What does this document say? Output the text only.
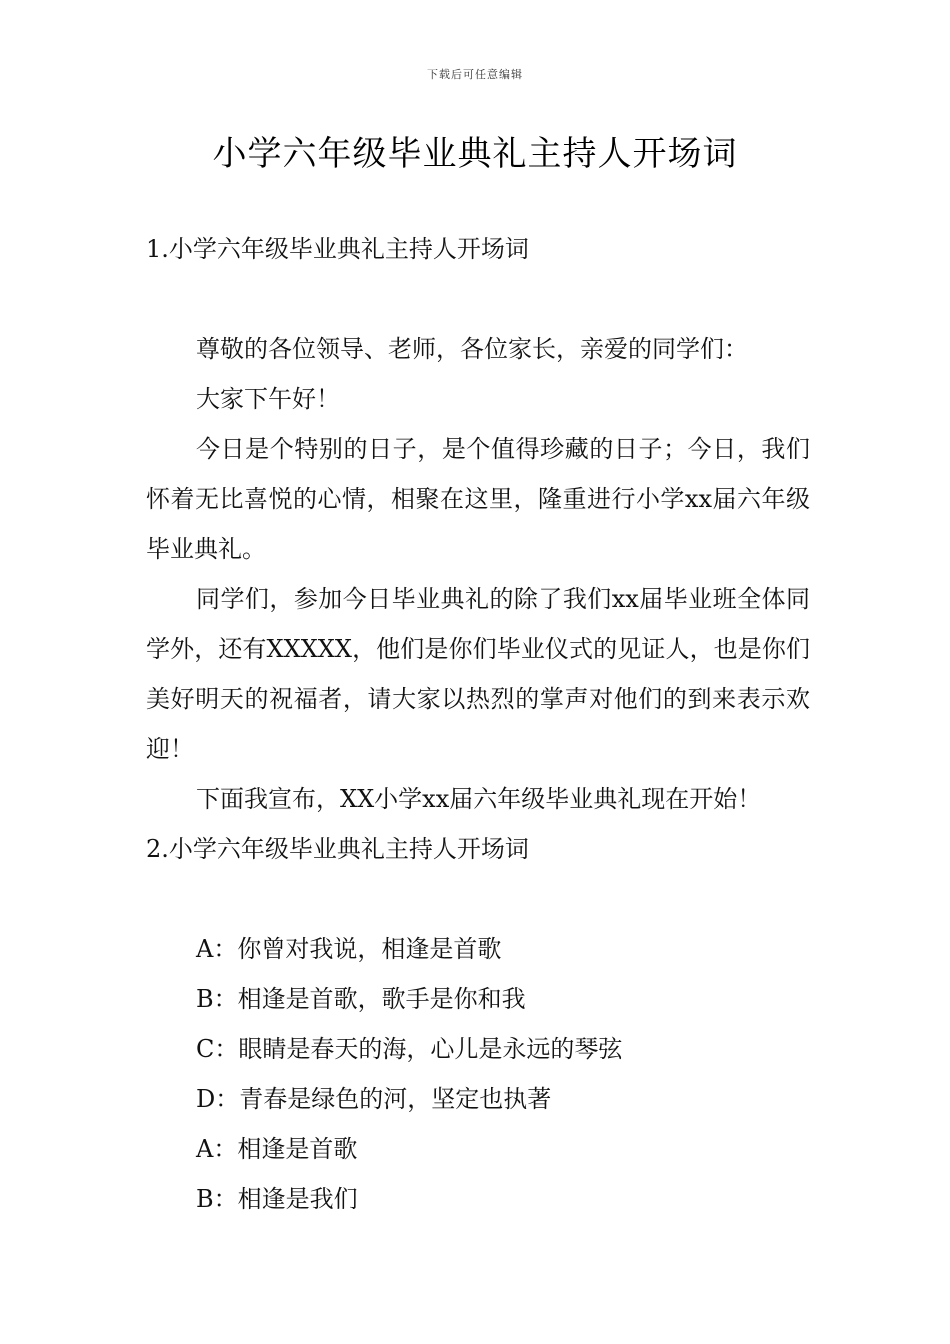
下载后可任意编辑
小学六年级毕业典礼主持人开场词

1.小学六年级毕业典礼主持人开场词

尊敬的各位领导、老师，各位家长，亲爱的同学们：

大家下午好！

今日是个特别的日子，是个值得珍藏的日子；今日，我们怀着无比喜悦的心情，相聚在这里，隆重进行小学xx届六年级毕业典礼。

同学们，参加今日毕业典礼的除了我们xx届毕业班全体同学外，还有XXXXX，他们是你们毕业仪式的见证人，也是你们美好明天的祝福者，请大家以热烈的掌声对他们的到来表示欢迎！

下面我宣布，XX小学xx届六年级毕业典礼现在开始！

2.小学六年级毕业典礼主持人开场词

A：你曾对我说，相逢是首歌

B：相逢是首歌，歌手是你和我

C：眼睛是春天的海，心儿是永远的琴弦

D：青春是绿色的河，坚定也执著

A：相逢是首歌

B：相逢是我们
